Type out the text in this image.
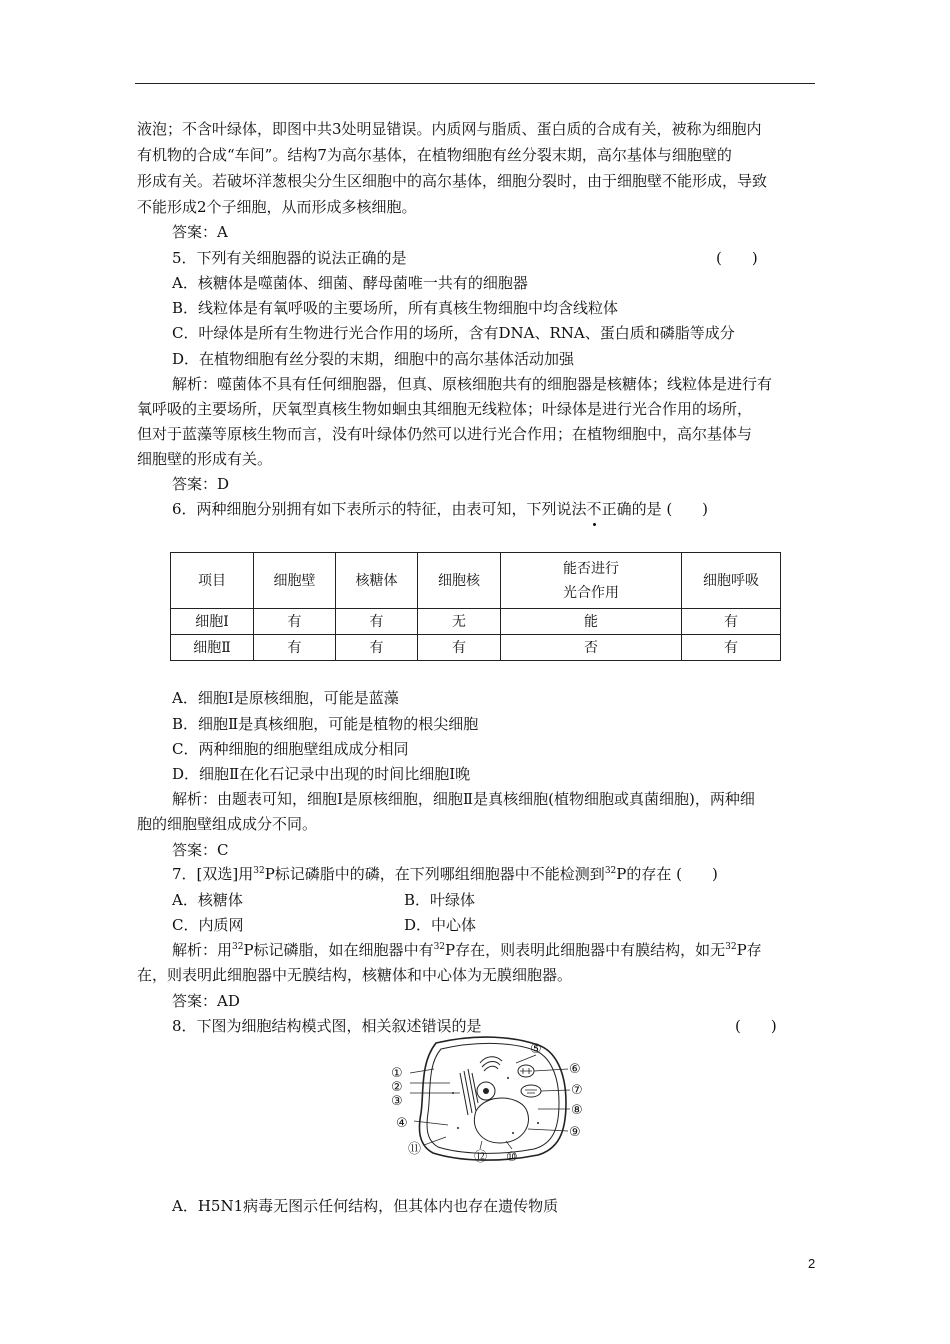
液泡；不含叶绿体，即图中共3处明显错误。内质网与脂质、蛋白质的合成有关，被称为细胞内
有机物的合成“车间”。结构7为高尔基体，在植物细胞有丝分裂末期，高尔基体与细胞壁的
形成有关。若破坏洋葱根尖分生区细胞中的高尔基体，细胞分裂时，由于细胞壁不能形成，导致
不能形成2个子细胞，从而形成多核细胞。
答案：A
5．下列有关细胞器的说法正确的是	(　　)
A．核糖体是噬菌体、细菌、酵母菌唯一共有的细胞器
B．线粒体是有氧呼吸的主要场所，所有真核生物细胞中均含线粒体
C．叶绿体是所有生物进行光合作用的场所，含有DNA、RNA、蛋白质和磷脂等成分
D．在植物细胞有丝分裂的末期，细胞中的高尔基体活动加强
解析：噬菌体不具有任何细胞器，但真、原核细胞共有的细胞器是核糖体；线粒体是进行有
氧呼吸的主要场所，厌氧型真核生物如蛔虫其细胞无线粒体；叶绿体是进行光合作用的场所，
但对于蓝藻等原核生物而言，没有叶绿体仍然可以进行光合作用；在植物细胞中，高尔基体与
细胞壁的形成有关。
答案：D
6．两种细胞分别拥有如下表所示的特征，由表可知，下列说法不正确的是 (　　)
项目	细胞壁	核糖体	细胞核	能否进行
光合作用	细胞呼吸
细胞Ⅰ	有	有	无	能	有
细胞Ⅱ	有	有	有	否	有
A．细胞Ⅰ是原核细胞，可能是蓝藻
B．细胞Ⅱ是真核细胞，可能是植物的根尖细胞
C．两种细胞的细胞壁组成成分相同
D．细胞Ⅱ在化石记录中出现的时间比细胞Ⅰ晚
解析：由题表可知，细胞Ⅰ是原核细胞，细胞Ⅱ是真核细胞(植物细胞或真菌细胞)，两种细
胞的细胞壁组成成分不同。
答案：C
7．[双选]用$^{32}$P标记磷脂中的磷，在下列哪组细胞器中不能检测到$^{32}$P的存在 (　　)
A．核糖体	B．叶绿体
C．内质网	D．中心体
解析：用$^{32}$P标记磷脂，如在细胞器中有$^{32}$P存在，则表明此细胞器中有膜结构，如无$^{32}$P存
在，则表明此细胞器中无膜结构，核糖体和中心体为无膜细胞器。
答案：AD
8．下图为细胞结构模式图，相关叙述错误的是	(　　)
①
②
③
④
⑤
⑥
⑦
⑧
⑨
⑩
⑪
⑫
A．H5N1病毒无图示任何结构，但其体内也存在遗传物质
2
